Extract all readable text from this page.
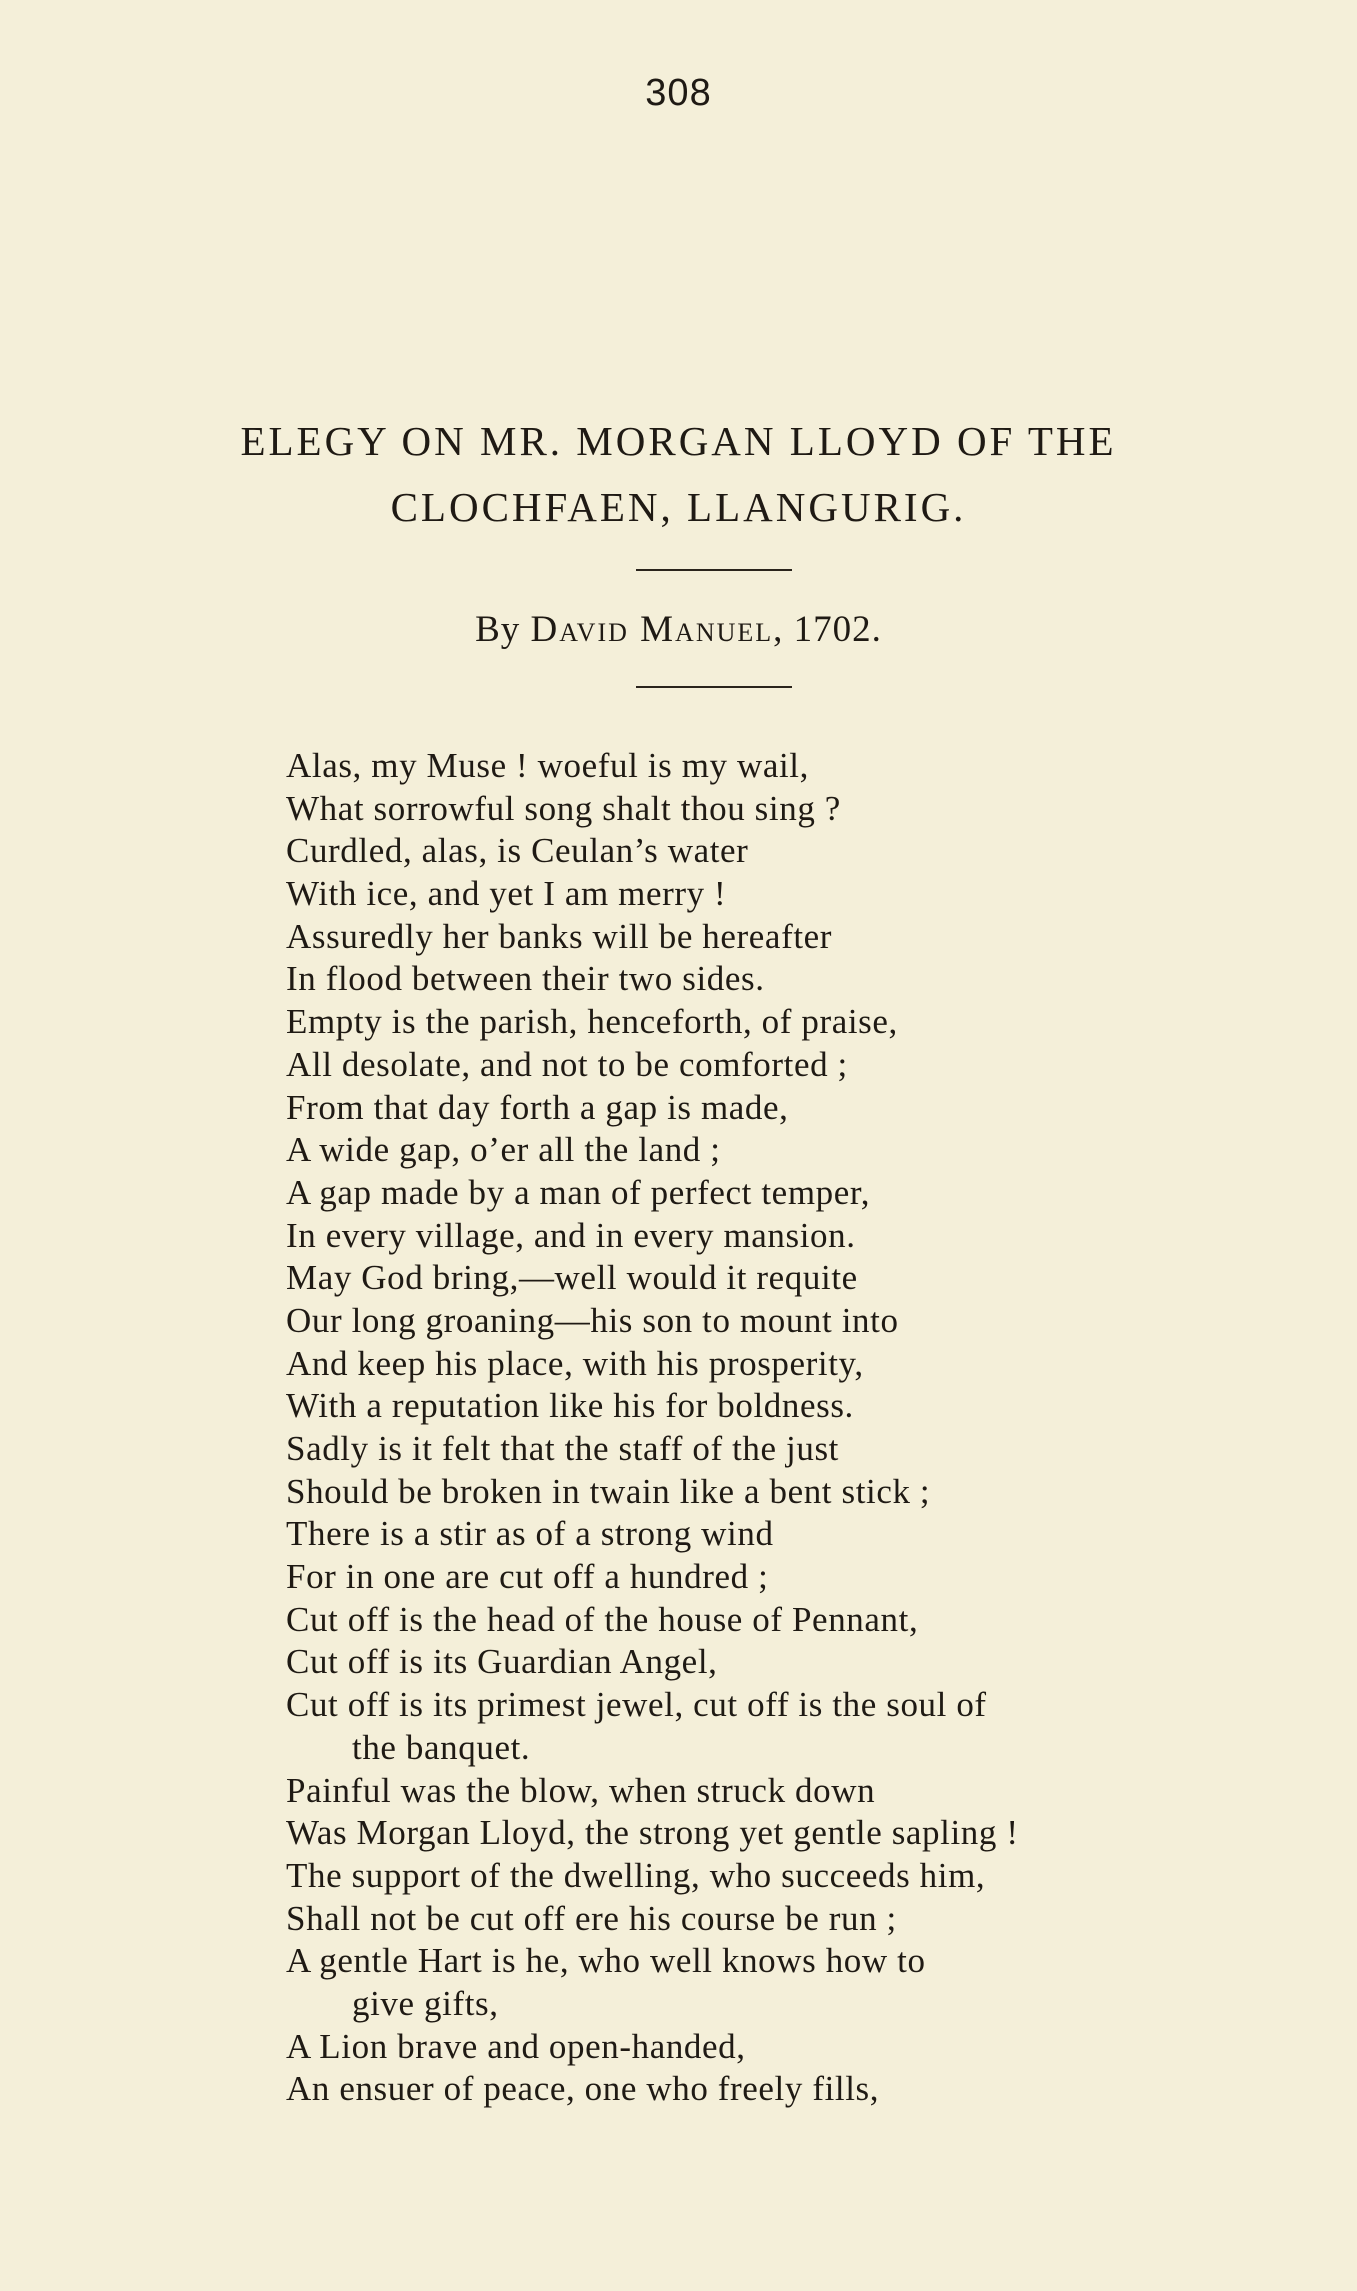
308
ELEGY ON MR. MORGAN LLOYD OF THE
CLOCHFAEN, LLANGURIG.
By David Manuel, 1702.
Alas, my Muse ! woeful is my wail,
What sorrowful song shalt thou sing ?
Curdled, alas, is Ceulan’s water
With ice, and yet I am merry !
Assuredly her banks will be hereafter
In flood between their two sides.
Empty is the parish, henceforth, of praise,
All desolate, and not to be comforted ;
From that day forth a gap is made,
A wide gap, o’er all the land ;
A gap made by a man of perfect temper,
In every village, and in every mansion.
May God bring,—well would it requite
Our long groaning—his son to mount into
And keep his place, with his prosperity,
With a reputation like his for boldness.
Sadly is it felt that the staff of the just
Should be broken in twain like a bent stick ;
There is a stir as of a strong wind
For in one are cut off a hundred ;
Cut off is the head of the house of Pennant,
Cut off is its Guardian Angel,
Cut off is its primest jewel, cut off is the soul of
the banquet.
Painful was the blow, when struck down
Was Morgan Lloyd, the strong yet gentle sapling !
The support of the dwelling, who succeeds him,
Shall not be cut off ere his course be run ;
A gentle Hart is he, who well knows how to
give gifts,
A Lion brave and open-handed,
An ensuer of peace, one who freely fills,
